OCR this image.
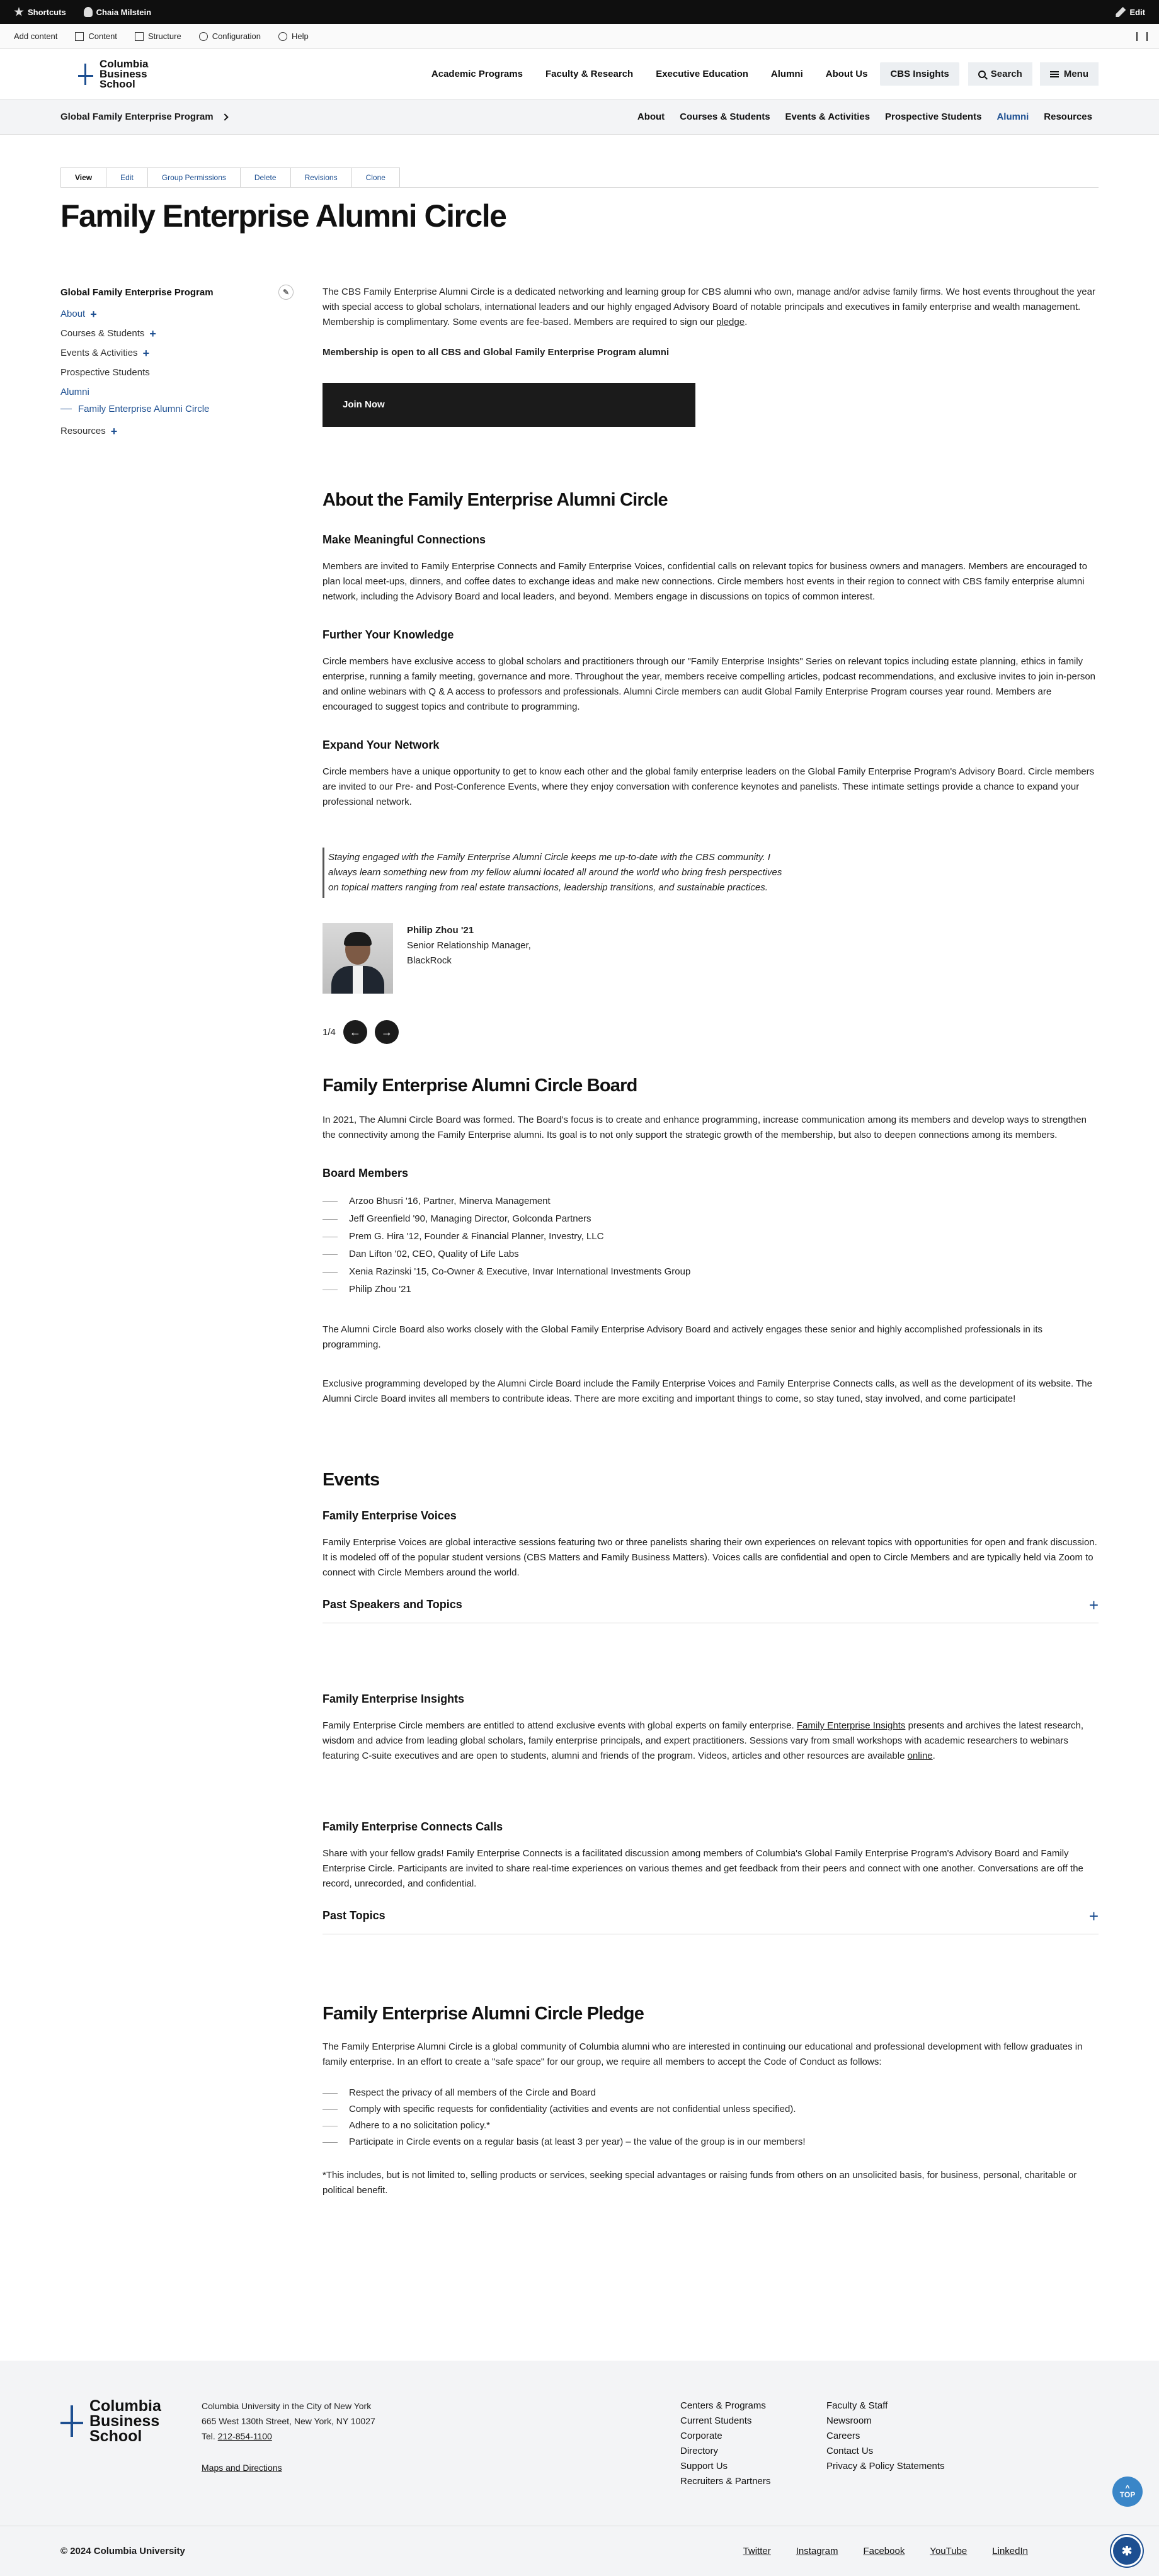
Shortcuts	Chaia Milstein	Edit
Add content	Content	Structure	Configuration	Help
Columbia
Business
School
Academic Programs	Faculty & Research	Executive Education	Alumni	About Us	CBS Insights	Search	Menu
Global Family Enterprise Program	About	Courses & Students	Events & Activities	Prospective Students	Alumni	Resources
View	Edit	Group Permissions	Delete	Revisions	Clone
Family Enterprise Alumni Circle
Global Family Enterprise Program	✎
About +
Courses & Students +
Events & Activities +
Prospective Students
Alumni
Family Enterprise Alumni Circle
Resources +

The CBS Family Enterprise Alumni Circle is a dedicated networking and learning group for CBS alumni who own, manage and/or advise family firms. We host events throughout the year with special access to global scholars, international leaders and our highly engaged Advisory Board of notable principals and executives in family enterprise and wealth management. Membership is complimentary. Some events are fee-based. Members are required to sign our pledge.

Membership is open to all CBS and Global Family Enterprise Program alumni

Join Now
About the Family Enterprise Alumni Circle
Make Meaningful Connections

Members are invited to Family Enterprise Connects and Family Enterprise Voices, confidential calls on relevant topics for business owners and managers. Members are encouraged to plan local meet-ups, dinners, and coffee dates to exchange ideas and make new connections. Circle members host events in their region to connect with CBS family enterprise alumni network, including the Advisory Board and local leaders, and beyond. Members engage in discussions on topics of common interest.

Further Your Knowledge

Circle members have exclusive access to global scholars and practitioners through our "Family Enterprise Insights" Series on relevant topics including estate planning, ethics in family enterprise, running a family meeting, governance and more. Throughout the year, members receive compelling articles, podcast recommendations, and exclusive invites to join in-person and online webinars with Q & A access to professors and professionals. Alumni Circle members can audit Global Family Enterprise Program courses year round. Members are encouraged to suggest topics and contribute to programming.

Expand Your Network

Circle members have a unique opportunity to get to know each other and the global family enterprise leaders on the Global Family Enterprise Program's Advisory Board. Circle members are invited to our Pre- and Post-Conference Events, where they enjoy conversation with conference keynotes and panelists. These intimate settings provide a chance to expand your professional network.

Staying engaged with the Family Enterprise Alumni Circle keeps me up-to-date with the CBS community. I always learn something new from my fellow alumni located all around the world who bring fresh perspectives on topical matters ranging from real estate transactions, leadership transitions, and sustainable practices.
Philip Zhou '21
Senior Relationship Manager,
BlackRock
1/4 ← →
Family Enterprise Alumni Circle Board

In 2021, The Alumni Circle Board was formed. The Board's focus is to create and enhance programming, increase communication among its members and develop ways to strengthen the connectivity among the Family Enterprise alumni. Its goal is to not only support the strategic growth of the membership, but also to deepen connections among its members.

Board Members
Arzoo Bhusri '16, Partner, Minerva Management
Jeff Greenfield '90, Managing Director, Golconda Partners
Prem G. Hira '12, Founder & Financial Planner, Investry, LLC
Dan Lifton '02, CEO, Quality of Life Labs
Xenia Razinski '15, Co-Owner & Executive, Invar International Investments Group
Philip Zhou '21

The Alumni Circle Board also works closely with the Global Family Enterprise Advisory Board and actively engages these senior and highly accomplished professionals in its programming.

Exclusive programming developed by the Alumni Circle Board include the Family Enterprise Voices and Family Enterprise Connects calls, as well as the development of its website. The Alumni Circle Board invites all members to contribute ideas. There are more exciting and important things to come, so stay tuned, stay involved, and come participate!

Events
Family Enterprise Voices

Family Enterprise Voices are global interactive sessions featuring two or three panelists sharing their own experiences on relevant topics with opportunities for open and frank discussion. It is modeled off of the popular student versions (CBS Matters and Family Business Matters). Voices calls are confidential and open to Circle Members and are typically held via Zoom to connect with Circle Members around the world.

Past Speakers and Topics	+
Family Enterprise Insights

Family Enterprise Circle members are entitled to attend exclusive events with global experts on family enterprise. Family Enterprise Insights presents and archives the latest research, wisdom and advice from leading global scholars, family enterprise principals, and expert practitioners. Sessions vary from small workshops with academic researchers to webinars featuring C-suite executives and are open to students, alumni and friends of the program. Videos, articles and other resources are available online.

Family Enterprise Connects Calls

Share with your fellow grads! Family Enterprise Connects is a facilitated discussion among members of Columbia's Global Family Enterprise Program's Advisory Board and Family Enterprise Circle. Participants are invited to share real-time experiences on various themes and get feedback from their peers and connect with one another. Conversations are off the record, unrecorded, and confidential.

Past Topics	+
Family Enterprise Alumni Circle Pledge

The Family Enterprise Alumni Circle is a global community of Columbia alumni who are interested in continuing our educational and professional development with fellow graduates in family enterprise. In an effort to create a "safe space" for our group, we require all members to accept the Code of Conduct as follows:

Respect the privacy of all members of the Circle and Board
Comply with specific requests for confidentiality (activities and events are not confidential unless specified).
Adhere to a no solicitation policy.*
Participate in Circle events on a regular basis (at least 3 per year) – the value of the group is in our members!

*This includes, but is not limited to, selling products or services, seeking special advantages or raising funds from others on an unsolicited basis, for business, personal, charitable or political benefit.

Columbia
Business
School
Columbia University in the City of New York
665 West 130th Street, New York, NY 10027
Tel. 212-854-1100
Maps and Directions
Centers & Programs
Current Students
Corporate
Directory
Support Us
Recruiters & Partners
Faculty & Staff
Newsroom
Careers
Contact Us
Privacy & Policy Statements
^
TOP
© 2024 Columbia University	Twitter	Instagram	Facebook	YouTube	LinkedIn	✱
